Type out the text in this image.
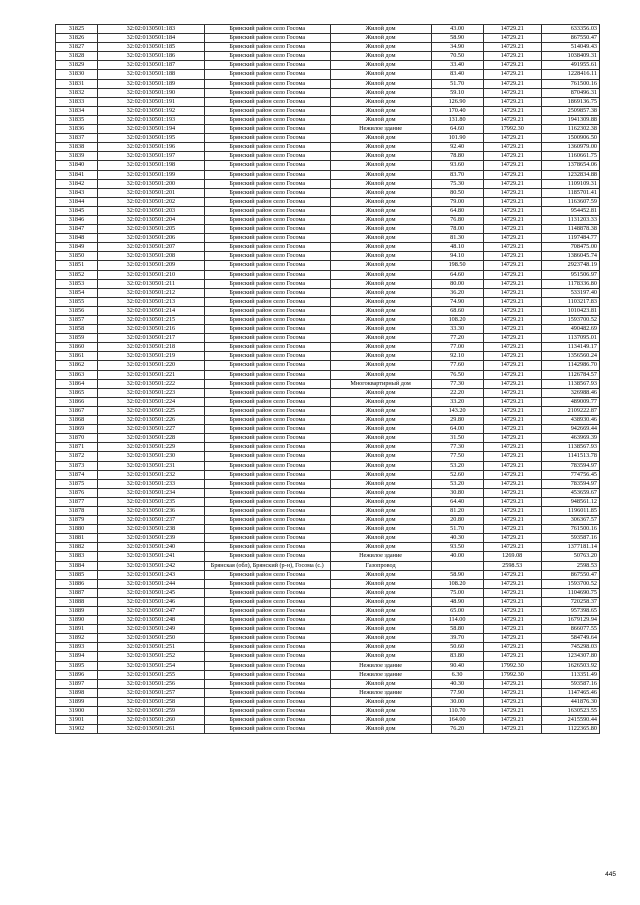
31825	32:02:0130501:183	Брянский район село Госома	Жилой дом	43.00	14729.21	633356.03
31826	32:02:0130501:184	Брянский район село Госома	Жилой дом	58.90	14729.21	867550.47
31827	32:02:0130501:185	Брянский район село Госома	Жилой дом	34.90	14729.21	514049.43
31828	32:02:0130501:186	Брянский район село Госома	Жилой дом	70.50	14729.21	1038409.31
31829	32:02:0130501:187	Брянский район село Госома	Жилой дом	33.40	14729.21	491955.61
31830	32:02:0130501:188	Брянский район село Госома	Жилой дом	83.40	14729.21	1228416.11
31831	32:02:0130501:189	Брянский район село Госома	Жилой дом	51.70	14729.21	761500.16
31832	32:02:0130501:190	Брянский район село Госома	Жилой дом	59.10	14729.21	870496.31
31833	32:02:0130501:191	Брянский район село Госома	Жилой дом	126.90	14729.21	1869136.75
31834	32:02:0130501:192	Брянский район село Госома	Жилой дом	170.40	14729.21	2509857.38
31835	32:02:0130501:193	Брянский район село Госома	Жилой дом	131.80	14729.21	1941309.88
31836	32:02:0130501:194	Брянский район село Госома	Нежилое здание	64.60	17992.30	1162302.38
31837	32:02:0130501:195	Брянский район село Госома	Жилой дом	101.90	14729.21	1500906.50
31838	32:02:0130501:196	Брянский район село Госома	Жилой дом	92.40	14729.21	1360979.00
31839	32:02:0130501:197	Брянский район село Госома	Жилой дом	78.80	14729.21	1160661.75
31840	32:02:0130501:198	Брянский район село Госома	Жилой дом	93.60	14729.21	1378654.06
31841	32:02:0130501:199	Брянский район село Госома	Жилой дом	83.70	14729.21	1232834.88
31842	32:02:0130501:200	Брянский район село Госома	Жилой дом	75.30	14729.21	1109109.31
31843	32:02:0130501:201	Брянский район село Госома	Жилой дом	80.50	14729.21	1185701.41
31844	32:02:0130501:202	Брянский район село Госома	Жилой дом	79.00	14729.21	1163607.59
31845	32:02:0130501:203	Брянский район село Госома	Жилой дом	64.80	14729.21	954452.81
31846	32:02:0130501:204	Брянский район село Госома	Жилой дом	76.80	14729.21	1131203.33
31847	32:02:0130501:205	Брянский район село Госома	Жилой дом	78.00	14729.21	1148878.38
31848	32:02:0130501:206	Брянский район село Госома	Жилой дом	81.30	14729.21	1197484.77
31849	32:02:0130501:207	Брянский район село Госома	Жилой дом	48.10	14729.21	708475.00
31850	32:02:0130501:208	Брянский район село Госома	Жилой дом	94.10	14729.21	1386045.74
31851	32:02:0130501:209	Брянский район село Госома	Жилой дом	198.50	14729.21	2923748.19
31852	32:02:0130501:210	Брянский район село Госома	Жилой дом	64.60	14729.21	951506.97
31853	32:02:0130501:211	Брянский район село Госома	Жилой дом	80.00	14729.21	1178336.80
31854	32:02:0130501:212	Брянский район село Госома	Жилой дом	36.20	14729.21	533197.40
31855	32:02:0130501:213	Брянский район село Госома	Жилой дом	74.90	14729.21	1103217.83
31856	32:02:0130501:214	Брянский район село Госома	Жилой дом	68.60	14729.21	1010423.81
31857	32:02:0130501:215	Брянский район село Госома	Жилой дом	108.20	14729.21	1593700.52
31858	32:02:0130501:216	Брянский район село Госома	Жилой дом	33.30	14729.21	490482.69
31859	32:02:0130501:217	Брянский район село Госома	Жилой дом	77.20	14729.21	1137095.01
31860	32:02:0130501:218	Брянский район село Госома	Жилой дом	77.00	14729.21	1134149.17
31861	32:02:0130501:219	Брянский район село Госома	Жилой дом	92.10	14729.21	1356560.24
31862	32:02:0130501:220	Брянский район село Госома	Жилой дом	77.60	14729.21	1142986.70
31863	32:02:0130501:221	Брянский район село Госома	Жилой дом	76.50	14729.21	1126784.57
31864	32:02:0130501:222	Брянский район село Госома	Многоквартирный дом	77.30	14729.21	1138567.93
31865	32:02:0130501:223	Брянский район село Госома	Жилой дом	22.20	14729.21	326988.46
31866	32:02:0130501:224	Брянский район село Госома	Жилой дом	33.20	14729.21	489009.77
31867	32:02:0130501:225	Брянский район село Госома	Жилой дом	143.20	14729.21	2109222.87
31868	32:02:0130501:226	Брянский район село Госома	Жилой дом	29.80	14729.21	438930.46
31869	32:02:0130501:227	Брянский район село Госома	Жилой дом	64.00	14729.21	942669.44
31870	32:02:0130501:228	Брянский район село Госома	Жилой дом	31.50	14729.21	463969.39
31871	32:02:0130501:229	Брянский район село Госома	Жилой дом	77.30	14729.21	1138567.93
31872	32:02:0130501:230	Брянский район село Госома	Жилой дом	77.50	14729.21	1141513.78
31873	32:02:0130501:231	Брянский район село Госома	Жилой дом	53.20	14729.21	783594.97
31874	32:02:0130501:232	Брянский район село Госома	Жилой дом	52.60	14729.21	774756.45
31875	32:02:0130501:233	Брянский район село Госома	Жилой дом	53.20	14729.21	783594.97
31876	32:02:0130501:234	Брянский район село Госома	Жилой дом	30.80	14729.21	453659.67
31877	32:02:0130501:235	Брянский район село Госома	Жилой дом	64.40	14729.21	948561.12
31878	32:02:0130501:236	Брянский район село Госома	Жилой дом	81.20	14729.21	1196011.85
31879	32:02:0130501:237	Брянский район село Госома	Жилой дом	20.80	14729.21	306367.57
31880	32:02:0130501:238	Брянский район село Госома	Жилой дом	51.70	14729.21	761500.16
31881	32:02:0130501:239	Брянский район село Госома	Жилой дом	40.30	14729.21	593587.16
31882	32:02:0130501:240	Брянский район село Госома	Жилой дом	93.50	14729.21	1377181.14
31883	32:02:0130501:241	Брянский район село Госома	Нежилое здание	40.00	1269.08	50763.20
31884	32:02:0130501:242	Брянская (обл), Брянский (р-н), Госома (с.)	Газопровод		2598.53	2598.53
31885	32:02:0130501:243	Брянский район село Госома	Жилой дом	58.90	14729.21	867550.47
31886	32:02:0130501:244	Брянский район село Госома	Жилой дом	108.20	14729.21	1593700.52
31887	32:02:0130501:245	Брянский район село Госома	Жилой дом	75.00	14729.21	1104690.75
31888	32:02:0130501:246	Брянский район село Госома	Жилой дом	48.90	14729.21	720258.37
31889	32:02:0130501:247	Брянский район село Госома	Жилой дом	65.00	14729.21	957398.65
31890	32:02:0130501:248	Брянский район село Госома	Жилой дом	114.00	14729.21	1679129.94
31891	32:02:0130501:249	Брянский район село Госома	Жилой дом	58.80	14729.21	866077.55
31892	32:02:0130501:250	Брянский район село Госома	Жилой дом	39.70	14729.21	584749.64
31893	32:02:0130501:251	Брянский район село Госома	Жилой дом	50.60	14729.21	745298.03
31894	32:02:0130501:252	Брянский район село Госома	Жилой дом	83.80	14729.21	1234307.80
31895	32:02:0130501:254	Брянский район село Госома	Нежилое здание	90.40	17992.30	1626503.92
31896	32:02:0130501:255	Брянский район село Госома	Нежилое здание	6.30	17992.30	113351.49
31897	32:02:0130501:256	Брянский район село Госома	Жилой дом	40.30	14729.21	593587.16
31898	32:02:0130501:257	Брянский район село Госома	Нежилое здание	77.90	14729.21	1147465.46
31899	32:02:0130501:258	Брянский район село Госома	Жилой дом	30.00	14729.21	441876.30
31900	32:02:0130501:259	Брянский район село Госома	Жилой дом	110.70	14729.21	1630523.55
31901	32:02:0130501:260	Брянский район село Госома	Жилой дом	164.00	14729.21	2415590.44
31902	32:02:0130501:261	Брянский район село Госома	Жилой дом	76.20	14729.21	1122365.80
445
